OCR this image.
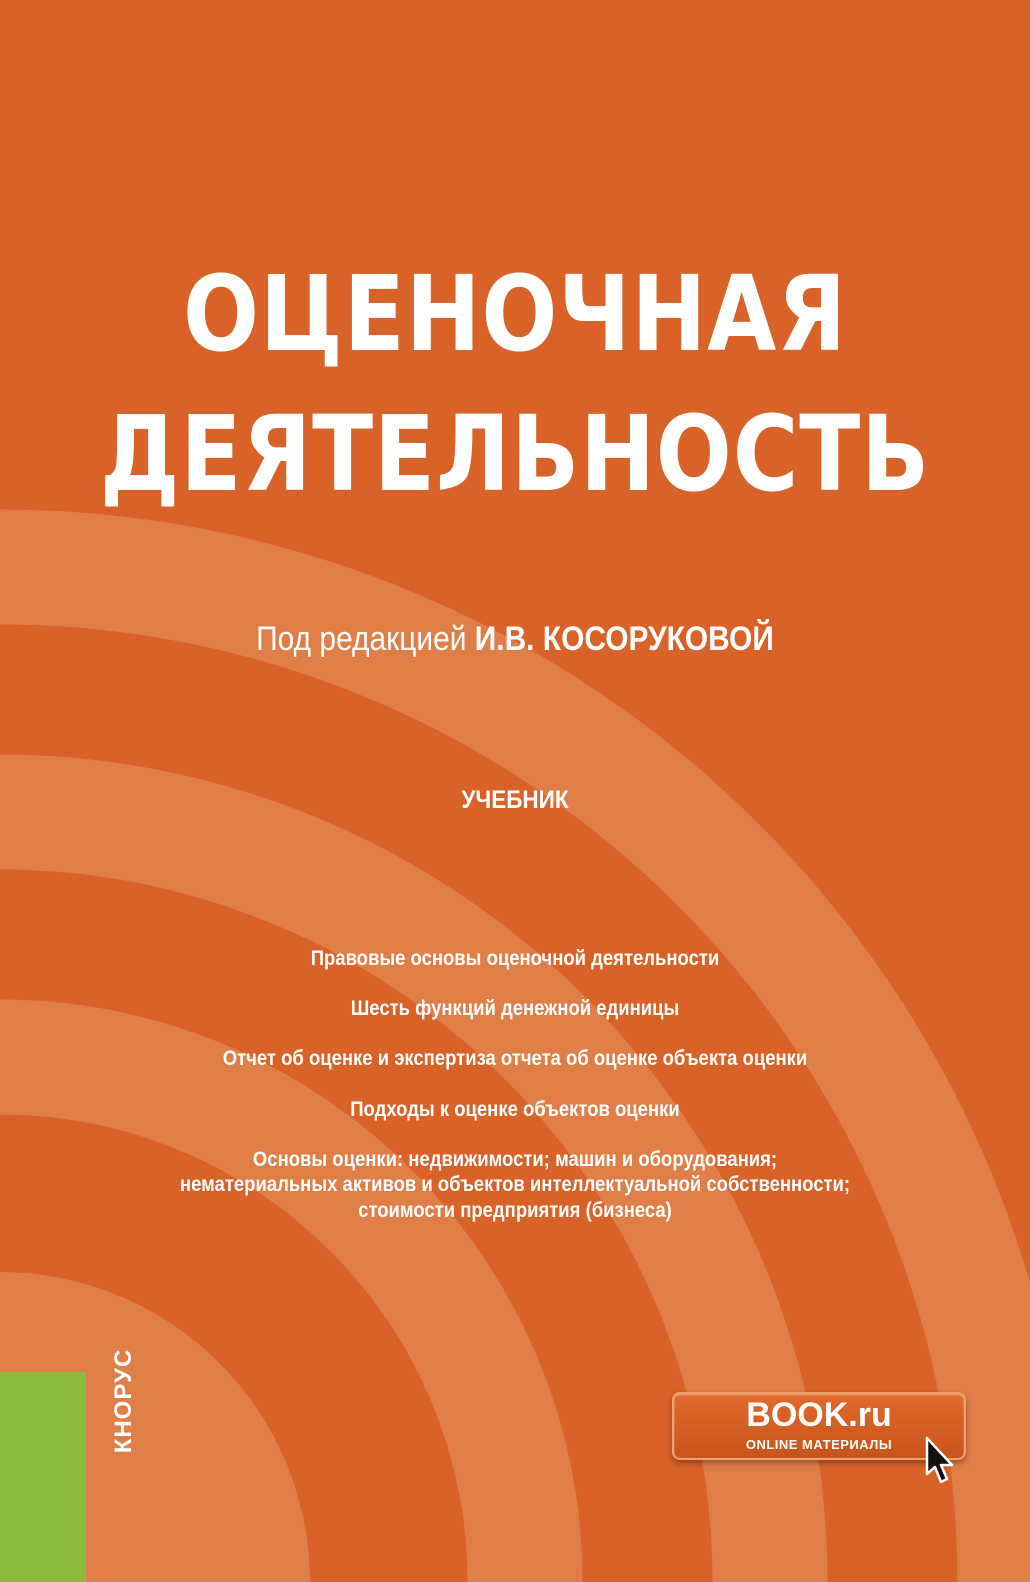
ОЦЕНОЧНАЯ
ДЕЯТЕЛЬНОСТЬ
Под редакцией И.В. КОСОРУКОВОЙ
УЧЕБНИК
Правовые основы оценочной деятельности
Шесть функций денежной единицы
Отчет об оценке и экспертиза отчета об оценке объекта оценки
Подходы к оценке объектов оценки
Основы оценки: недвижимости; машин и оборудования;
нематериальных активов и объектов интеллектуальной собственности;
стоимости предприятия (бизнеса)
КНОРУС	BOOK.ru
ONLINE МАТЕРИАЛЫ
